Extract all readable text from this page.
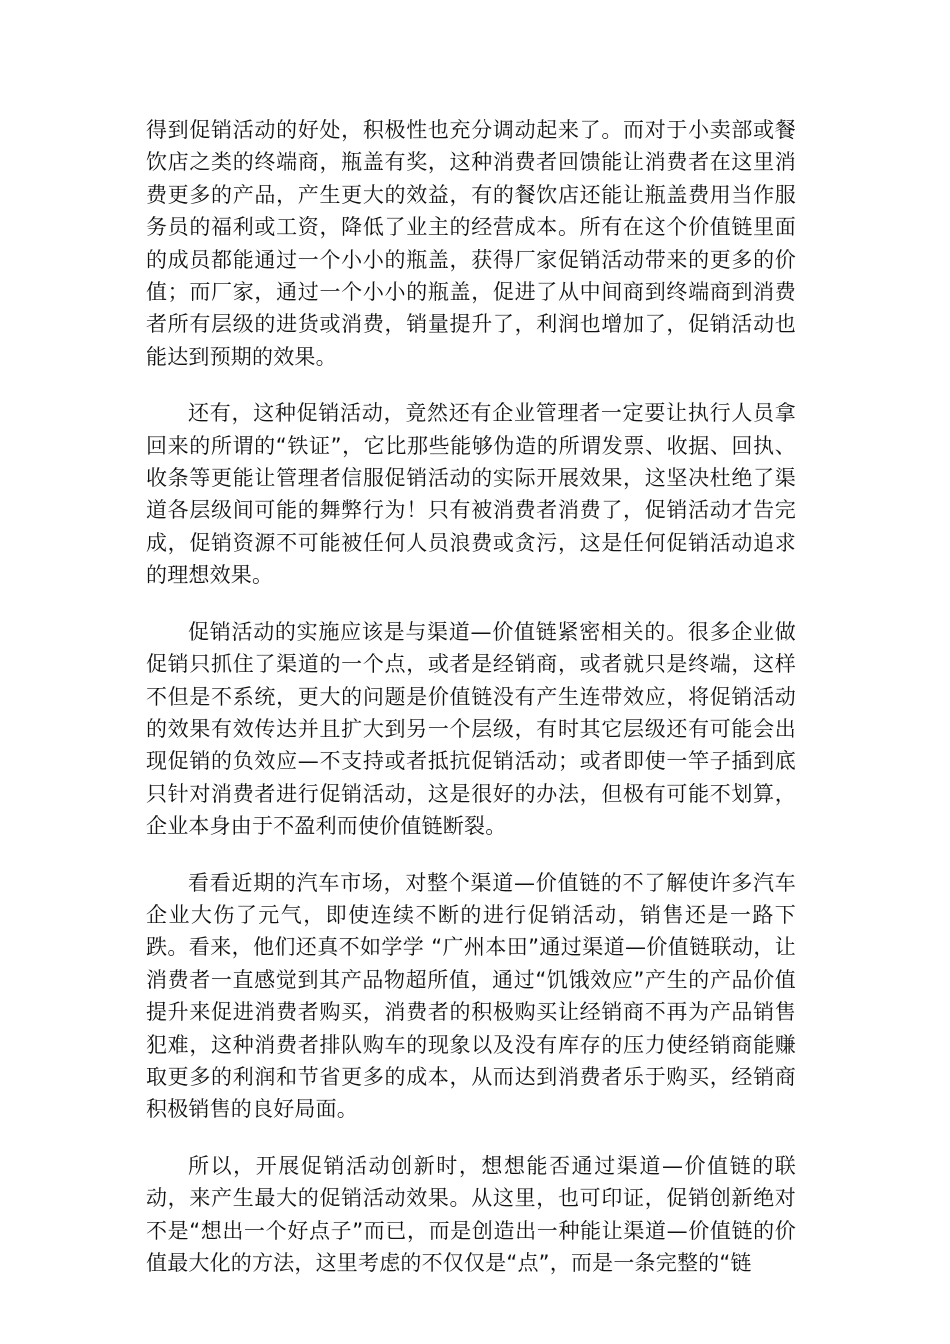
得到促销活动的好处，积极性也充分调动起来了。而对于小卖部或餐饮店之类的终端商，瓶盖有奖，这种消费者回馈能让消费者在这里消费更多的产品，产生更大的效益，有的餐饮店还能让瓶盖费用当作服务员的福利或工资，降低了业主的经营成本。所有在这个价值链里面的成员都能通过一个小小的瓶盖，获得厂家促销活动带来的更多的价值；而厂家，通过一个小小的瓶盖，促进了从中间商到终端商到消费者所有层级的进货或消费，销量提升了，利润也增加了，促销活动也能达到预期的效果。

还有，这种促销活动，竟然还有企业管理者一定要让执行人员拿回来的所谓的“铁证”，它比那些能够伪造的所谓发票、收据、回执、收条等更能让管理者信服促销活动的实际开展效果，这坚决杜绝了渠道各层级间可能的舞弊行为！只有被消费者消费了，促销活动才告完成，促销资源不可能被任何人员浪费或贪污，这是任何促销活动追求的理想效果。

促销活动的实施应该是与渠道—价值链紧密相关的。很多企业做促销只抓住了渠道的一个点，或者是经销商，或者就只是终端，这样不但是不系统，更大的问题是价值链没有产生连带效应，将促销活动的效果有效传达并且扩大到另一个层级，有时其它层级还有可能会出现促销的负效应—不支持或者抵抗促销活动；或者即使一竿子插到底只针对消费者进行促销活动，这是很好的办法，但极有可能不划算，企业本身由于不盈利而使价值链断裂。

看看近期的汽车市场，对整个渠道—价值链的不了解使许多汽车企业大伤了元气，即使连续不断的进行促销活动，销售还是一路下跌。看来，他们还真不如学学 “广州本田”通过渠道—价值链联动，让消费者一直感觉到其产品物超所值，通过“饥饿效应”产生的产品价值提升来促进消费者购买，消费者的积极购买让经销商不再为产品销售犯难，这种消费者排队购车的现象以及没有库存的压力使经销商能赚取更多的利润和节省更多的成本，从而达到消费者乐于购买，经销商积极销售的良好局面。

所以，开展促销活动创新时，想想能否通过渠道—价值链的联动，来产生最大的促销活动效果。从这里，也可印证，促销创新绝对不是“想出一个好点子”而已，而是创造出一种能让渠道—价值链的价值最大化的方法，这里考虑的不仅仅是“点”，而是一条完整的“链
